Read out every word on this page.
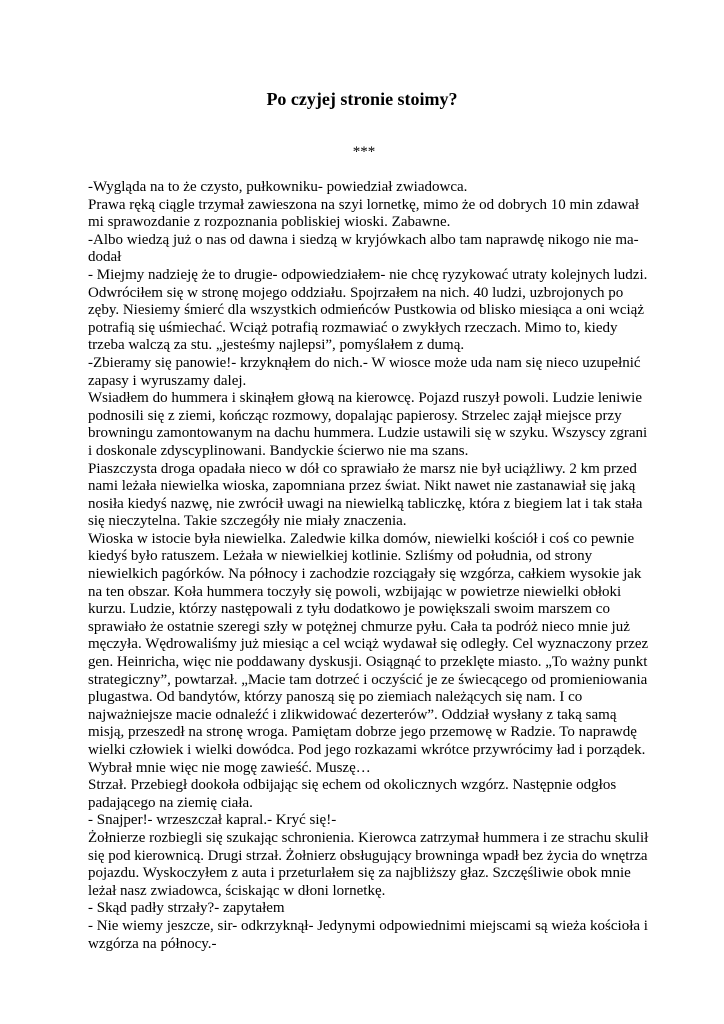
Po czyjej stronie stoimy?
***
-Wygląda na to że czysto, pułkowniku- powiedział zwiadowca.
Prawa ręką ciągle trzymał zawieszona na szyi lornetkę, mimo że od dobrych 10 min zdawał
mi sprawozdanie z rozpoznania pobliskiej wioski. Zabawne.
-Albo wiedzą już o nas od dawna i siedzą w kryjówkach albo tam naprawdę nikogo nie ma-
dodał
- Miejmy nadzieję że to drugie- odpowiedziałem- nie chcę ryzykować utraty kolejnych ludzi.
Odwróciłem się w stronę mojego oddziału. Spojrzałem na nich. 40 ludzi, uzbrojonych po
zęby. Niesiemy śmierć dla wszystkich odmieńców Pustkowia od blisko miesiąca a oni wciąż
potrafią się uśmiechać. Wciąż potrafią rozmawiać o zwykłych rzeczach. Mimo to, kiedy
trzeba walczą za stu. „jesteśmy najlepsi”, pomyślałem z dumą.
-Zbieramy się panowie!- krzyknąłem do nich.- W wiosce może uda nam się nieco uzupełnić
zapasy i wyruszamy dalej.
Wsiadłem do hummera i skinąłem głową na kierowcę. Pojazd ruszył powoli. Ludzie leniwie
podnosili się z ziemi, kończąc rozmowy, dopalając papierosy. Strzelec zajął miejsce przy
browningu zamontowanym na dachu hummera. Ludzie ustawili się w szyku. Wszyscy zgrani
i doskonale zdyscyplinowani. Bandyckie ścierwo nie ma szans.
Piaszczysta droga opadała nieco w dół co sprawiało że marsz nie był uciążliwy. 2 km przed
nami leżała niewielka wioska, zapomniana przez świat. Nikt nawet nie zastanawiał się jaką
nosiła kiedyś nazwę, nie zwrócił uwagi na niewielką tabliczkę, która z biegiem lat i tak stała
się nieczytelna. Takie szczegóły nie miały znaczenia.
Wioska w istocie była niewielka. Zaledwie kilka domów, niewielki kościół i coś co pewnie
kiedyś było ratuszem. Leżała w niewielkiej kotlinie. Szliśmy od południa, od strony
niewielkich pagórków. Na północy i zachodzie rozciągały się wzgórza, całkiem wysokie jak
na ten obszar. Koła hummera toczyły się powoli, wzbijając w powietrze niewielki obłoki
kurzu. Ludzie, którzy następowali z tyłu dodatkowo je powiększali swoim marszem co
sprawiało że ostatnie szeregi szły w potężnej chmurze pyłu. Cała ta podróż nieco mnie już
męczyła. Wędrowaliśmy już miesiąc a cel wciąż wydawał się odległy. Cel wyznaczony przez
gen. Heinricha, więc nie poddawany dyskusji. Osiągnąć to przeklęte miasto. „To ważny punkt
strategiczny”, powtarzał. „Macie tam dotrzeć i oczyścić je ze świecącego od promieniowania
plugastwa. Od bandytów, którzy panoszą się po ziemiach należących się nam. I co
najważniejsze macie odnaleźć i zlikwidować dezerterów”. Oddział wysłany z taką samą
misją, przeszedł na stronę wroga. Pamiętam dobrze jego przemowę w Radzie. To naprawdę
wielki człowiek i wielki dowódca. Pod jego rozkazami wkrótce przywrócimy ład i porządek.
Wybrał mnie więc nie mogę zawieść. Muszę…
Strzał. Przebiegł dookoła odbijając się echem od okolicznych wzgórz. Następnie odgłos
padającego na ziemię ciała.
- Snajper!- wrzeszczał kapral.- Kryć się!-
Żołnierze rozbiegli się szukając schronienia. Kierowca zatrzymał hummera i ze strachu skulił
się pod kierownicą. Drugi strzał. Żołnierz obsługujący browninga wpadł bez życia do wnętrza
pojazdu. Wyskoczyłem z auta i przeturlałem się za najbliższy głaz. Szczęśliwie obok mnie
leżał nasz zwiadowca, ściskając w dłoni lornetkę.
- Skąd padły strzały?- zapytałem
- Nie wiemy jeszcze, sir- odkrzyknął- Jedynymi odpowiednimi miejscami są wieża kościoła i
wzgórza na północy.-
